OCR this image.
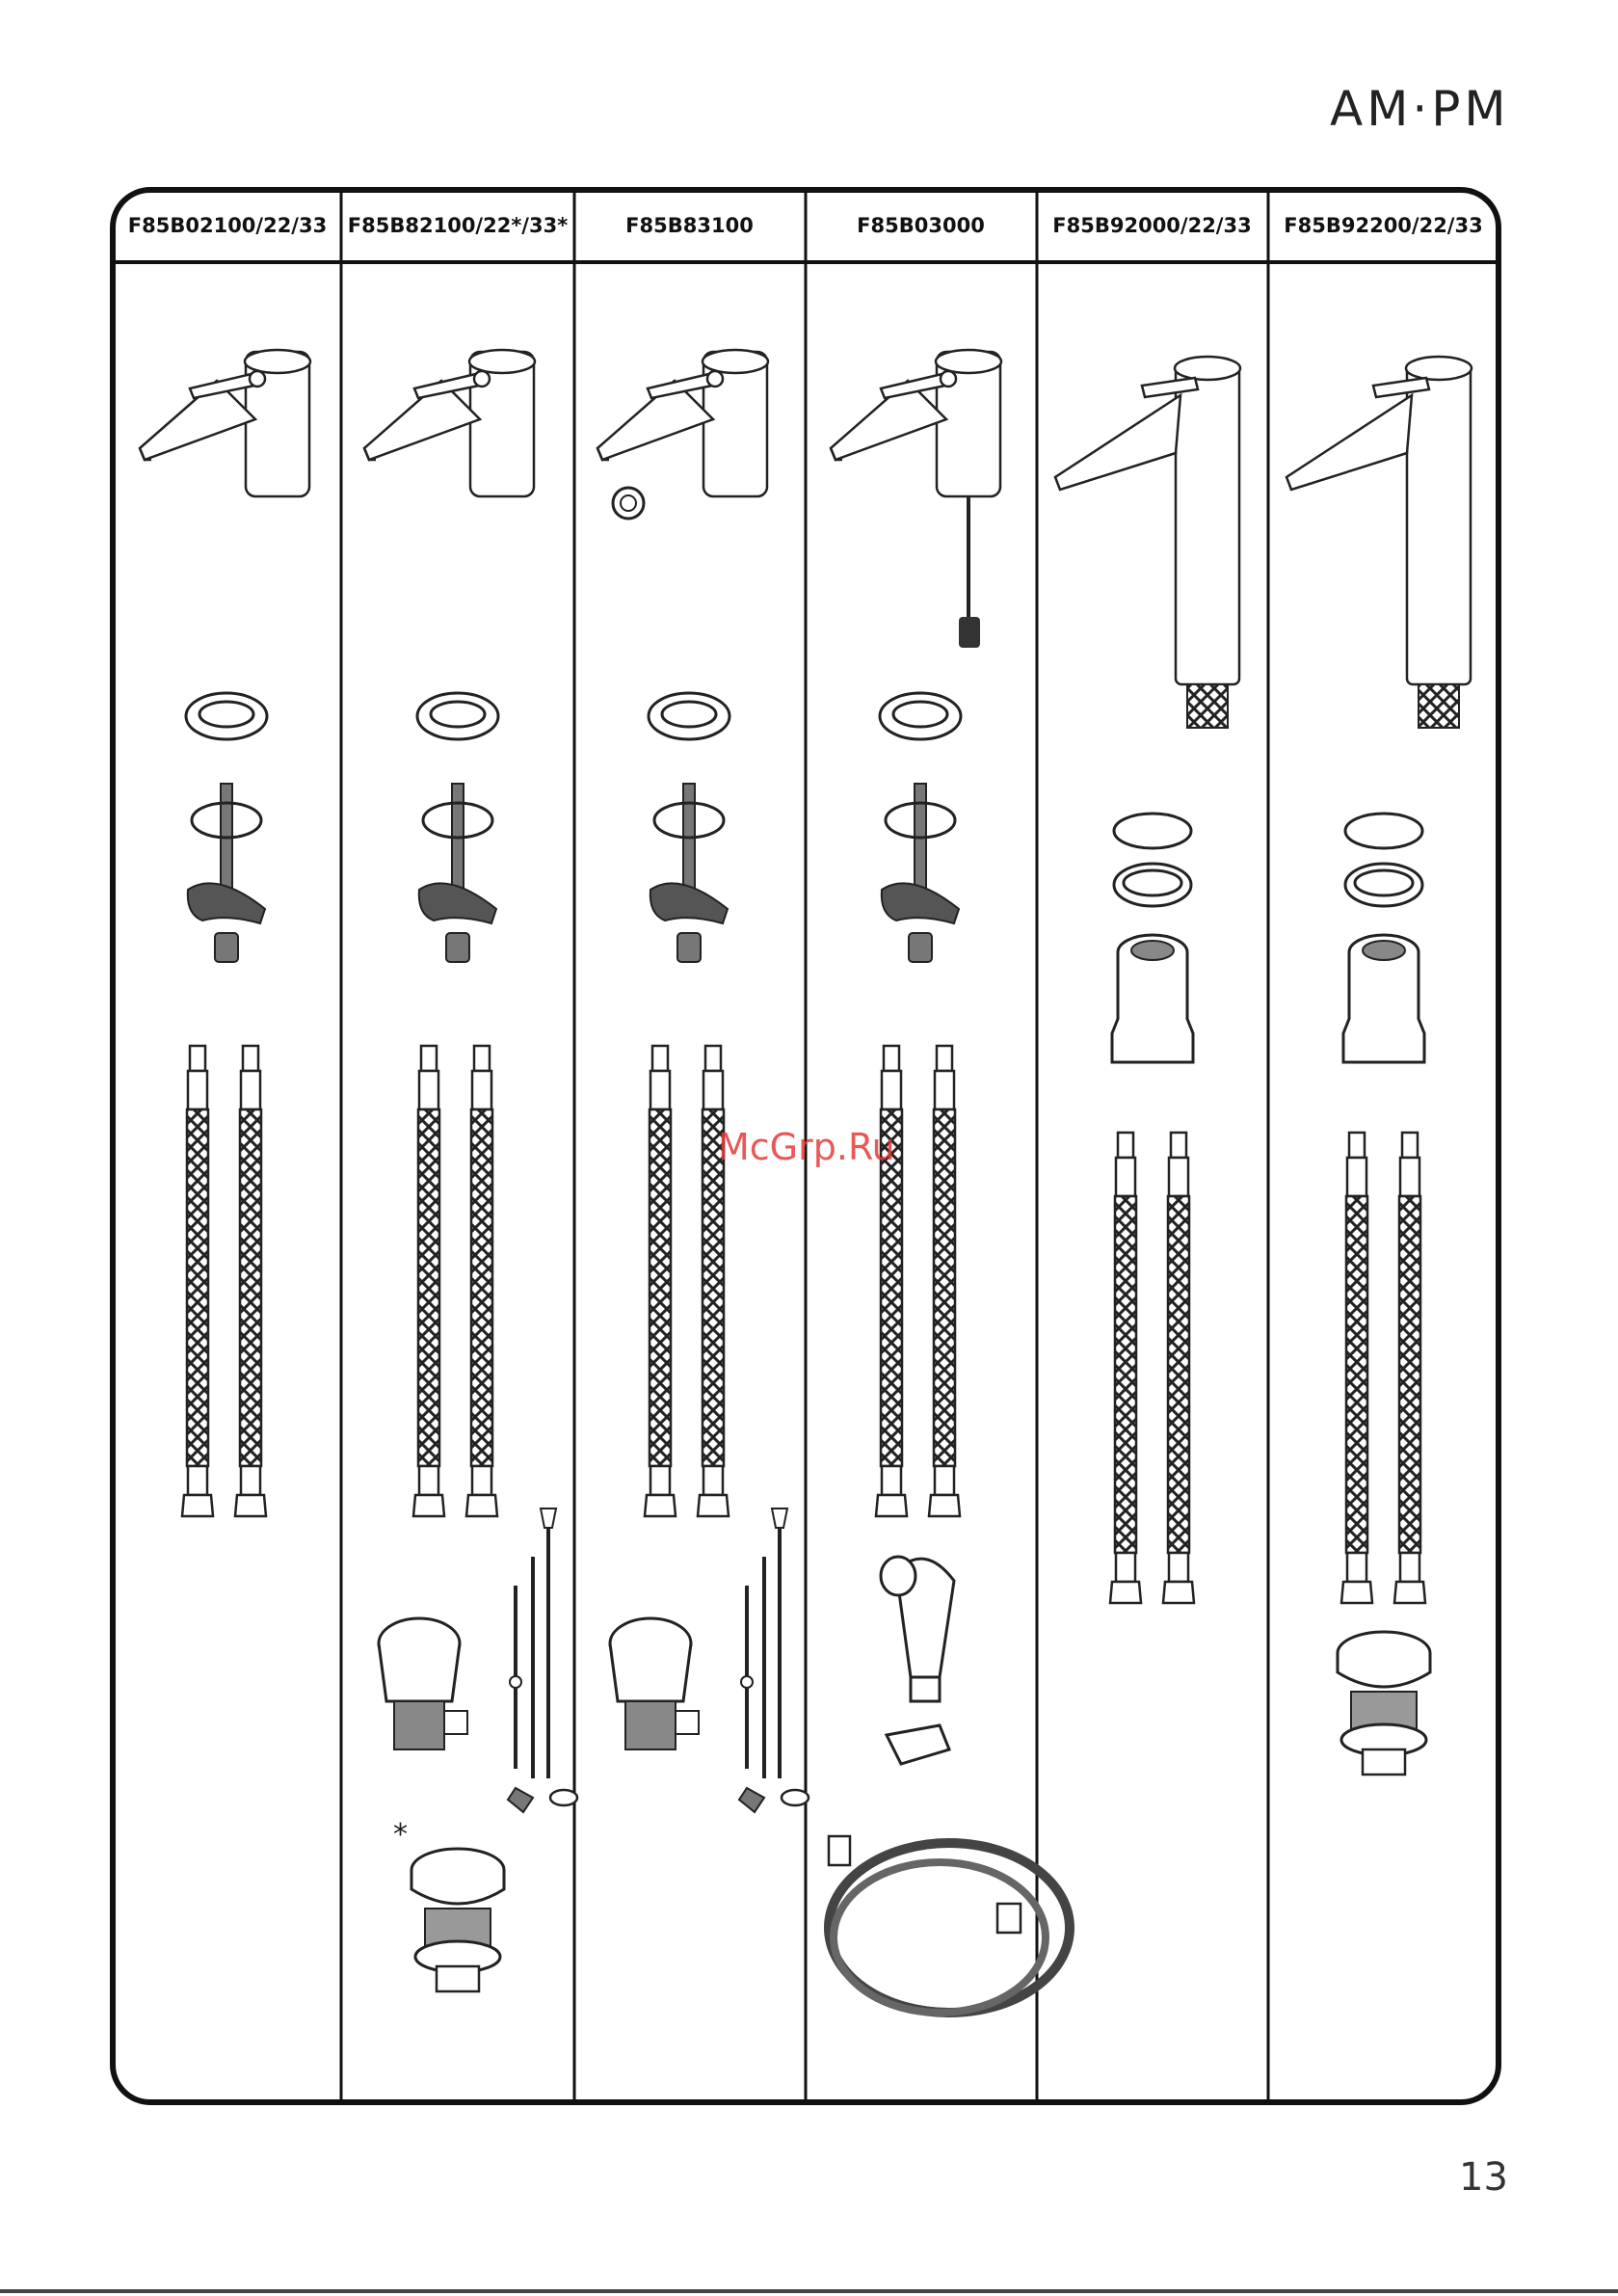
AM·PM
F85B02100/22/33	F85B82100/22*/33*	F85B83100	F85B03000	F85B92000/22/33	F85B92200/22/33
*
McGrp.Ru
13
